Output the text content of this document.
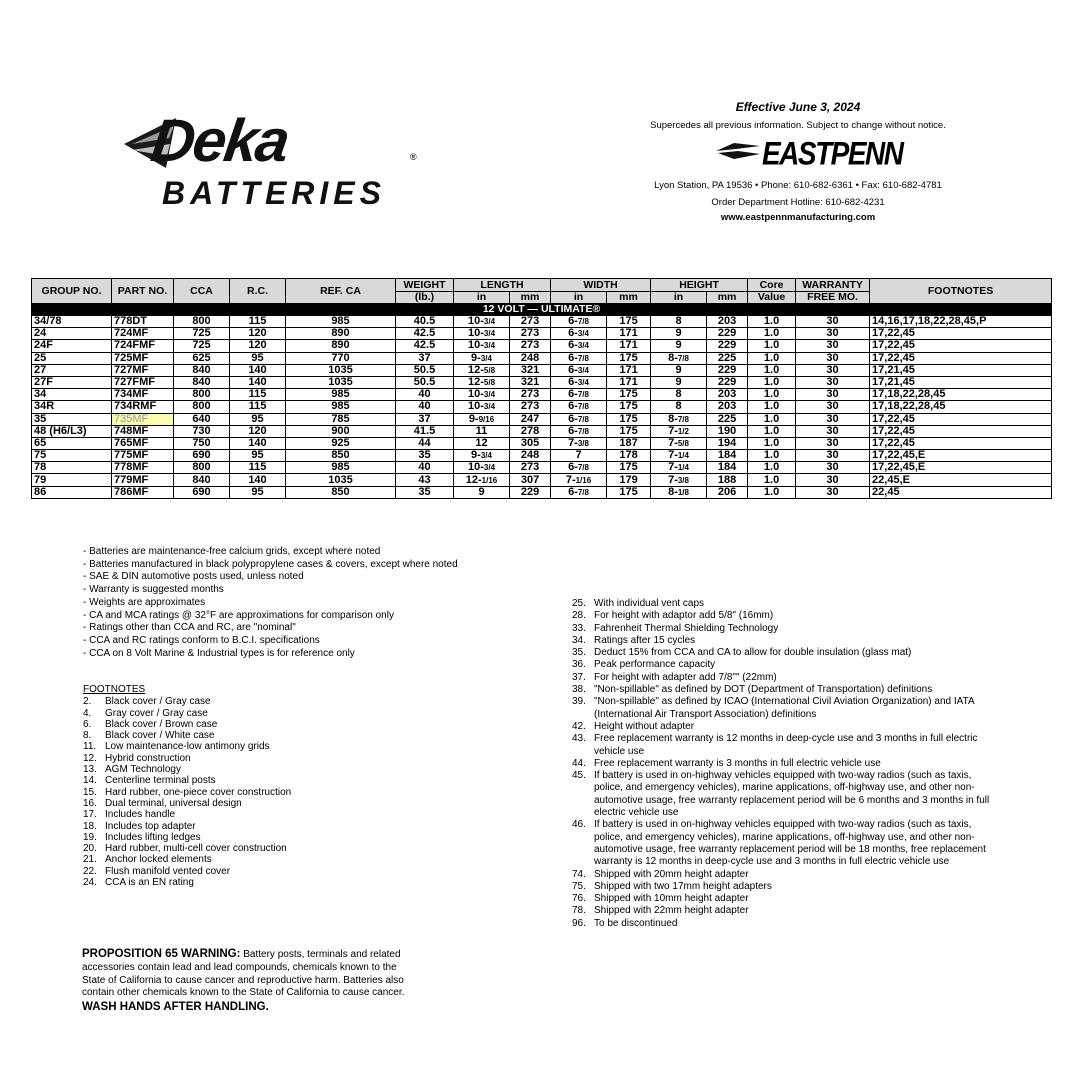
Deka	®
BATTERIES
Effective June 3, 2024
Supercedes all previous information. Subject to change without notice.
EASTPENN
Lyon Station, PA 19536 • Phone: 610-682-6361 • Fax: 610-682-4781
Order Department Hotline: 610-682-4231
www.eastpennmanufacturing.com
GROUP NO.	PART NO.	CCA	R.C.	REF. CA	WEIGHT	LENGTH		WIDTH		HEIGHT		Core	WARRANTY	FOOTNOTES
					(lb.)	in	mm	in	mm	in	mm	Value	FREE MO.	
12 VOLT — ULTIMATE®														
34/78	778DT	800	115	985	40.5	10-3/4	273	6-7/8	175	8	203	1.0	30	14,16,17,18,22,28,45,P
24	724MF	725	120	890	42.5	10-3/4	273	6-3/4	171	9	229	1.0	30	17,22,45
24F	724FMF	725	120	890	42.5	10-3/4	273	6-3/4	171	9	229	1.0	30	17,22,45
25	725MF	625	95	770	37	9-3/4	248	6-7/8	175	8-7/8	225	1.0	30	17,22,45
27	727MF	840	140	1035	50.5	12-5/8	321	6-3/4	171	9	229	1.0	30	17,21,45
27F	727FMF	840	140	1035	50.5	12-5/8	321	6-3/4	171	9	229	1.0	30	17,21,45
34	734MF	800	115	985	40	10-3/4	273	6-7/8	175	8	203	1.0	30	17,18,22,28,45
34R	734RMF	800	115	985	40	10-3/4	273	6-7/8	175	8	203	1.0	30	17,18,22,28,45
35	735MF	640	95	785	37	9-9/16	247	6-7/8	175	8-7/8	225	1.0	30	17,22,45
48 (H6/L3)	748MF	730	120	900	41.5	11	278	6-7/8	175	7-1/2	190	1.0	30	17,22,45
65	765MF	750	140	925	44	12	305	7-3/8	187	7-5/8	194	1.0	30	17,22,45
75	775MF	690	95	850	35	9-3/4	248	7	178	7-1/4	184	1.0	30	17,22,45,E
78	778MF	800	115	985	40	10-3/4	273	6-7/8	175	7-1/4	184	1.0	30	17,22,45,E
79	779MF	840	140	1035	43	12-1/16	307	7-1/16	179	7-3/8	188	1.0	30	22,45,E
86	786MF	690	95	850	35	9	229	6-7/8	175	8-1/8	206	1.0	30	22,45
- Batteries are maintenance-free calcium grids, except where noted
- Batteries manufactured in black polypropylene cases & covers, except where noted
- SAE & DIN automotive posts used, unless noted
- Warranty is suggested months
- Weights are approximates
- CA and MCA ratings @ 32°F are approximations for comparison only
- Ratings other than CCA and RC, are "nominal"
- CCA and RC ratings conform to B.C.I. specifications
- CCA on 8 Volt Marine & Industrial types is for reference only
FOOTNOTES
2.	Black cover / Gray case
4.	Gray cover / Gray case
6.	Black cover / Brown case
8.	Black cover / White case
11. Low maintenance-low antimony grids
12. Hybrid construction
13. AGM Technology
14. Centerline terminal posts
15. Hard rubber, one-piece cover construction
16. Dual terminal, universal design
17. Includes handle
18. Includes top adapter
19. Includes lifting ledges
20. Hard rubber, multi-cell cover construction
21. Anchor locked elements
22. Flush manifold vented cover
24. CCA is an EN rating
25. With individual vent caps
28. For height with adaptor add 5/8" (16mm)
33. Fahrenheit Thermal Shielding Technology
34. Ratings after 15 cycles
35. Deduct 15% from CCA and CA to allow for double insulation (glass mat)
36. Peak performance capacity
37. For height with adapter add 7/8"" (22mm)
38. "Non-spillable" as defined by DOT (Department of Transportation) definitions
39. "Non-spillable" as defined by ICAO (International Civil Aviation Organization) and IATA (International Air Transport Association) definitions
42. Height without adapter
43. Free replacement warranty is 12 months in deep-cycle use and 3 months in full electric vehicle use
44. Free replacement warranty is 3 months in full electric vehicle use
45. If battery is used in on-highway vehicles equipped with two-way radios (such as taxis, police, and emergency vehicles), marine applications, off-highway use, and other non-automotive usage, free warranty replacement period will be 6 months and 3 months in full electric vehicle use
46. If battery is used in on-highway vehicles equipped with two-way radios (such as taxis, police, and emergency vehicles), marine applications, off-highway use, and other non-automotive usage, free warranty replacement period will be 18 months, free replacement warranty is 12 months in deep-cycle use and 3 months in full electric vehicle use
74. Shipped with 20mm height adapter
75. Shipped with two 17mm height adapters
76. Shipped with 10mm height adapter
78. Shipped with 22mm height adapter
96. To be discontinued
PROPOSITION 65 WARNING: Battery posts, terminals and related accessories contain lead and lead compounds, chemicals known to the State of California to cause cancer and reproductive harm. Batteries also contain other chemicals known to the State of California to cause cancer.
WASH HANDS AFTER HANDLING.
